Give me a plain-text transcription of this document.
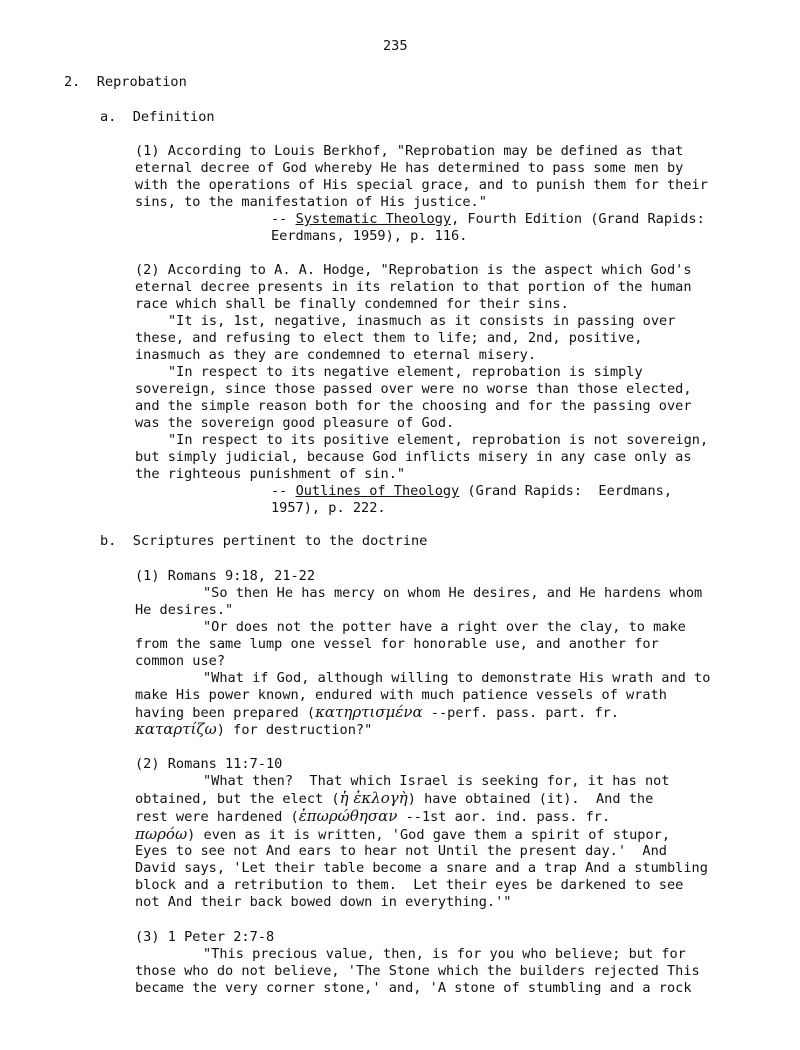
235
2.  Reprobation
a.  Definition
(1) According to Louis Berkhof, "Reprobation may be defined as that
eternal decree of God whereby He has determined to pass some men by
with the operations of His special grace, and to punish them for their
sins, to the manifestation of His justice."
-- Systematic Theology, Fourth Edition (Grand Rapids:
Eerdmans, 1959), p. 116.
(2) According to A. A. Hodge, "Reprobation is the aspect which God's
eternal decree presents in its relation to that portion of the human
race which shall be finally condemned for their sins.
"It is, 1st, negative, inasmuch as it consists in passing over
these, and refusing to elect them to life; and, 2nd, positive,
inasmuch as they are condemned to eternal misery.
"In respect to its negative element, reprobation is simply
sovereign, since those passed over were no worse than those elected,
and the simple reason both for the choosing and for the passing over
was the sovereign good pleasure of God.
"In respect to its positive element, reprobation is not sovereign,
but simply judicial, because God inflicts misery in any case only as
the righteous punishment of sin."
-- Outlines of Theology (Grand Rapids:  Eerdmans,
1957), p. 222.
b.  Scriptures pertinent to the doctrine
(1) Romans 9:18, 21-22
"So then He has mercy on whom He desires, and He hardens whom
He desires."
"Or does not the potter have a right over the clay, to make
from the same lump one vessel for honorable use, and another for
common use?
"What if God, although willing to demonstrate His wrath and to
make His power known, endured with much patience vessels of wrath
having been prepared (κατηρτισμένα --perf. pass. part. fr.
καταρτίζω) for destruction?"
(2) Romans 11:7-10
"What then?  That which Israel is seeking for, it has not
obtained, but the elect (ἡ ἐκλογὴ) have obtained (it).  And the
rest were hardened (ἐπωρώθησαν --1st aor. ind. pass. fr.
πωρόω) even as it is written, 'God gave them a spirit of stupor,
Eyes to see not And ears to hear not Until the present day.'  And
David says, 'Let their table become a snare and a trap And a stumbling
block and a retribution to them.  Let their eyes be darkened to see
not And their back bowed down in everything.'"
(3) 1 Peter 2:7-8
"This precious value, then, is for you who believe; but for
those who do not believe, 'The Stone which the builders rejected This
became the very corner stone,' and, 'A stone of stumbling and a rock
